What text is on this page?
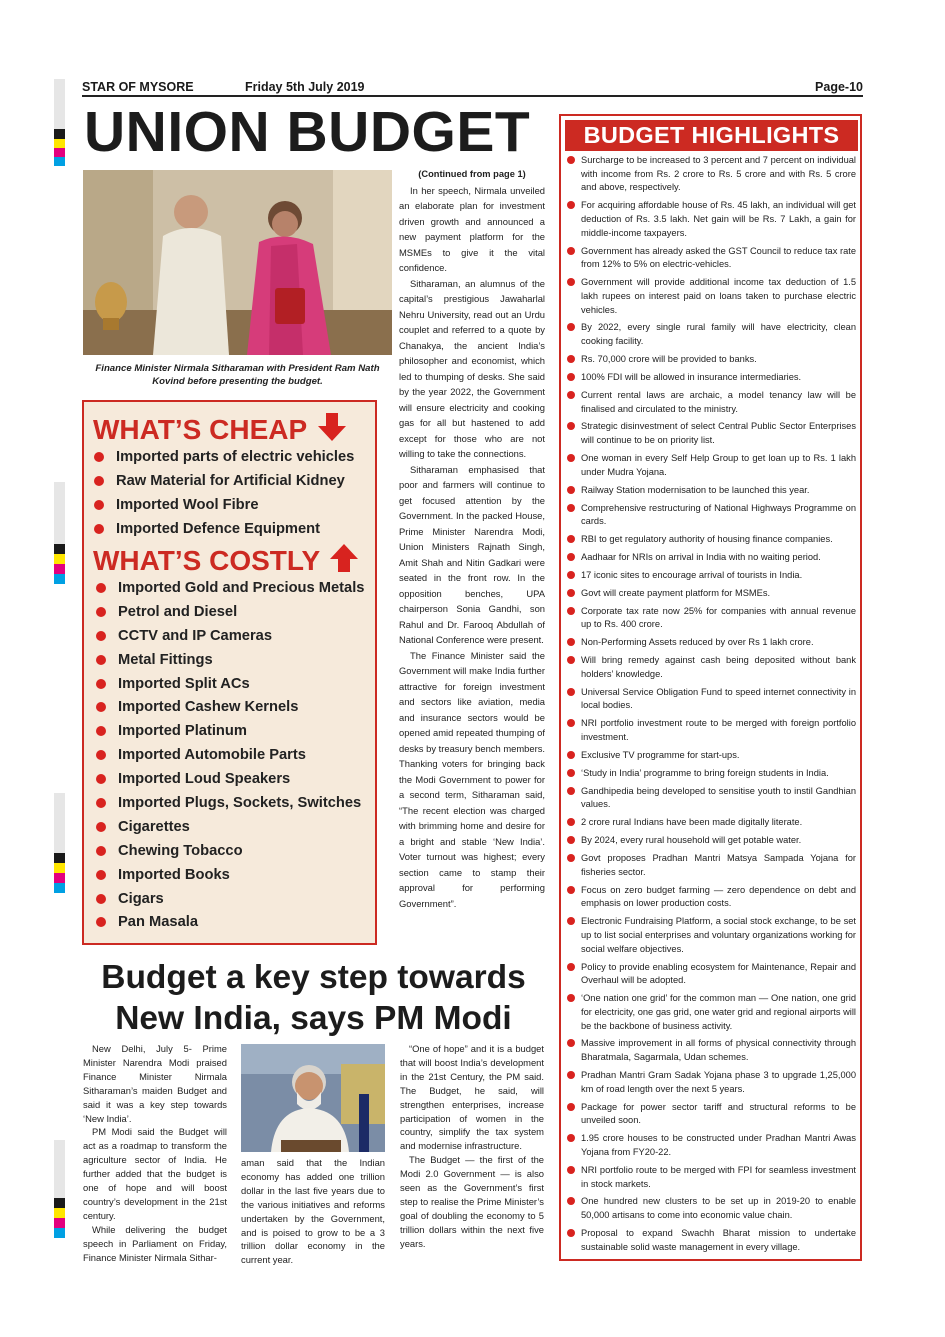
STAR OF MYSORE	Friday 5th July 2019	Page-10
UNION BUDGET
Finance Minister Nirmala Sitharaman with President Ram Nath Kovind before presenting the budget.
WHAT’S CHEAP
Imported parts of electric vehicles
Raw Material for Artificial Kidney
Imported Wool Fibre
Imported Defence Equipment
WHAT’S COSTLY
Imported Gold and Precious Metals
Petrol and Diesel
CCTV and IP Cameras
Metal Fittings
Imported Split ACs
Imported Cashew Kernels
Imported Platinum
Imported Automobile Parts
Imported Loud Speakers
Imported Plugs, Sockets, Switches
Cigarettes
Chewing Tobacco
Imported Books
Cigars
Pan Masala

(Continued from page 1)

In her speech, Nirmala unveiled an elaborate plan for investment driven growth and announced a new payment platform for the MSMEs to give it the vital confidence.

Sitharaman, an alumnus of the capital’s prestigious Jawaharlal Nehru University, read out an Urdu couplet and referred to a quote by Chanakya, the ancient India’s philosopher and economist, which led to thumping of desks. She said by the year 2022, the Government will ensure electricity and cooking gas for all but hastened to add except for those who are not willing to take the connections.

Sitharaman emphasised that poor and farmers will continue to get focused attention by the Government. In the packed House, Prime Minister Narendra Modi, Union Ministers Rajnath Singh, Amit Shah and Nitin Gadkari were seated in the front row. In the opposition benches, UPA chairperson Sonia Gandhi, son Rahul and Dr. Farooq Abdullah of National Conference were present.

The Finance Minister said the Government will make India further attractive for foreign investment and sectors like aviation, media and insurance sectors would be opened amid repeated thumping of desks by treasury bench members. Thanking voters for bringing back the Modi Government to power for a second term, Sitharaman said, “The recent election was charged with brimming home and desire for a bright and stable ‘New India’. Voter turnout was highest; every section came to stamp their approval for performing Government”.

BUDGET HIGHLIGHTS
Surcharge to be increased to 3 percent and 7 percent on individual with income from Rs. 2 crore to Rs. 5 crore and with Rs. 5 crore and above, respectively.
For acquiring affordable house of Rs. 45 lakh, an individual will get deduction of Rs. 3.5 lakh. Net gain will be Rs. 7 Lakh, a gain for middle-income taxpayers.
Government has already asked the GST Council to reduce tax rate from 12% to 5% on electric-vehicles.
Government will provide additional income tax deduction of 1.5 lakh rupees on interest paid on loans taken to purchase electric vehicles.
By 2022, every single rural family will have electricity, clean cooking facility.
Rs. 70,000 crore will be provided to banks.
100% FDI will be allowed in insurance intermediaries.
Current rental laws are archaic, a model tenancy law will be finalised and circulated to the ministry.
Strategic disinvestment of select Central Public Sector Enterprises will continue to be on priority list.
One woman in every Self Help Group to get loan up to Rs. 1 lakh under Mudra Yojana.
Railway Station modernisation to be launched this year.
Comprehensive restructuring of National Highways Programme on cards.
RBI to get regulatory authority of housing finance companies.
Aadhaar for NRIs on arrival in India with no waiting period.
17 iconic sites to encourage arrival of tourists in India.
Govt will create payment platform for MSMEs.
Corporate tax rate now 25% for companies with annual revenue up to Rs. 400 crore.
Non-Performing Assets reduced by over Rs 1 lakh crore.
Will bring remedy against cash being deposited without bank holders’ knowledge.
Universal Service Obligation Fund to speed internet connectivity in local bodies.
NRI portfolio investment route to be merged with foreign portfolio investment.
Exclusive TV programme for start-ups.
‘Study in India’ programme to bring foreign students in India.
Gandhipedia being developed to sensitise youth to instil Gandhian values.
2 crore rural Indians have been made digitally literate.
By 2024, every rural household will get potable water.
Govt proposes Pradhan Mantri Matsya Sampada Yojana for fisheries sector.
Focus on zero budget farming — zero dependence on debt and emphasis on lower production costs.
Electronic Fundraising Platform, a social stock exchange, to be set up to list social enterprises and voluntary organizations working for social welfare objectives.
Policy to provide enabling ecosystem for Maintenance, Repair and Overhaul will be adopted.
‘One nation one grid’ for the common man — One nation, one grid for electricity, one gas grid, one water grid and regional airports will be the backbone of business activity.
Massive improvement in all forms of physical connectivity through Bharatmala, Sagarmala, Udan schemes.
Pradhan Mantri Gram Sadak Yojana phase 3 to upgrade 1,25,000 km of road length over the next 5 years.
Package for power sector tariff and structural reforms to be unveiled soon.
1.95 crore houses to be constructed under Pradhan Mantri Awas Yojana from FY20-22.
NRI portfolio route to be merged with FPI for seamless investment in stock markets.
One hundred new clusters to be set up in 2019-20 to enable 50,000 artisans to come into economic value chain.
Proposal to expand Swachh Bharat mission to undertake sustainable solid waste management in every village.
Budget a key step towards New India, says PM Modi

New Delhi, July 5- Prime Minister Narendra Modi praised Finance Minister Nirmala Sitharaman’s maiden Budget and said it was a key step towards ‘New India’.

PM Modi said the Budget will act as a roadmap to transform the agriculture sector of India. He further added that the budget is one of hope and will boost country’s development in the 21st century.

While delivering the budget speech in Parliament on Friday, Finance Minister Nirmala Sithar-

aman said that the Indian economy has added one trillion dollar in the last five years due to the various initiatives and reforms undertaken by the Government, and is poised to grow to be a 3 trillion dollar economy in the current year.

“One of hope” and it is a budget that will boost India’s development in the 21st Century, the PM said. The Budget, he said, will strengthen enterprises, increase participation of women in the country, simplify the tax system and modernise infrastructure.

The Budget — the first of the Modi 2.0 Government — is also seen as the Government’s first step to realise the Prime Minister’s goal of doubling the economy to 5 trillion dollars within the next five years.
